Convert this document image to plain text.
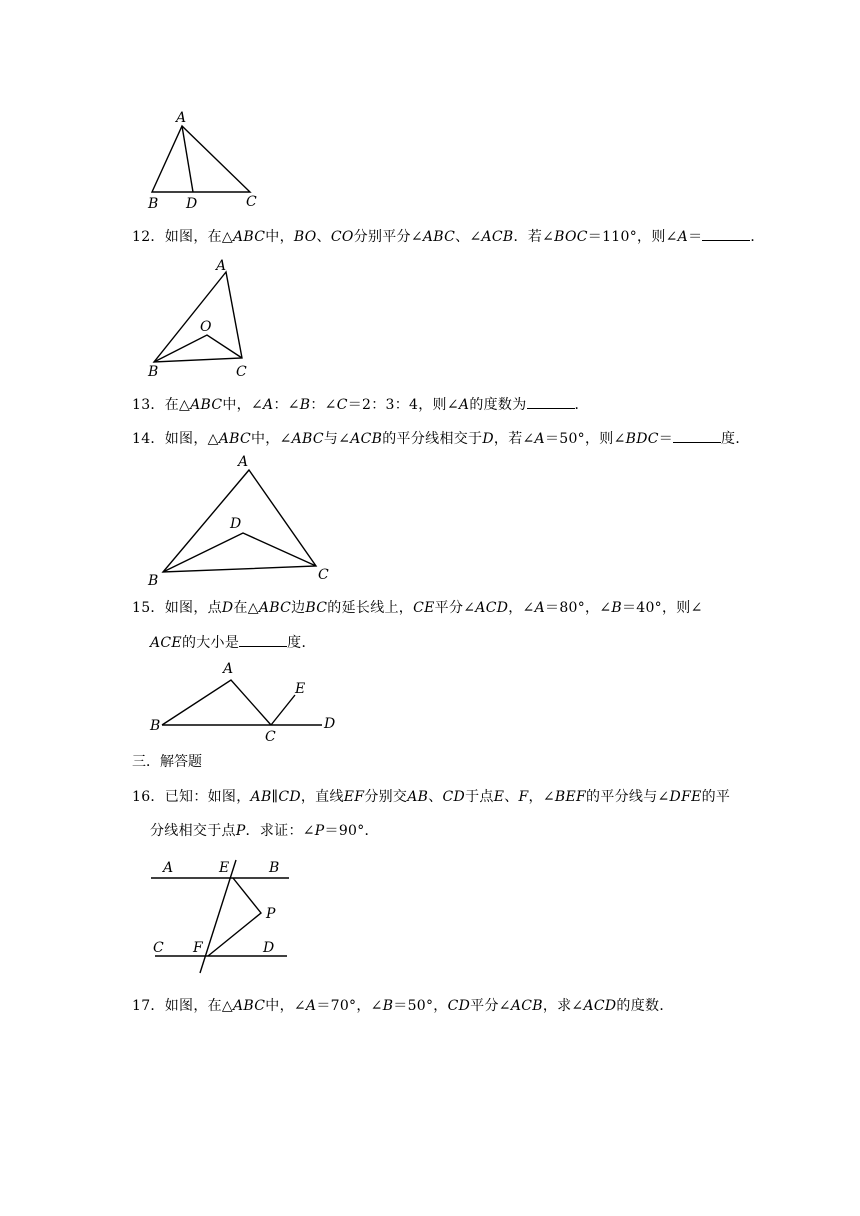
A
B D	C
12．如图，在△ABC中，BO、CO分别平分∠ABC、∠ACB．若∠BOC＝110°，则∠A＝	．
A
O
B	C
13．在△ABC中，∠A：∠B：∠C＝2：3：4，则∠A的度数为	．
14．如图，△ABC中，∠ABC与∠ACB的平分线相交于D，若∠A＝50°，则∠BDC＝	度．
A
D
B	C
15．如图，点D在△ABC边BC的延长线上，CE平分∠ACD，∠A＝80°，∠B＝40°，则∠
ACE的大小是	度．
A
E
B
C
D
三．解答题
16．已知：如图，AB∥CD，直线EF分别交AB、CD于点E、F，∠BEF的平分线与∠DFE的平
分线相交于点P．求证：∠P＝90°．
A	E	B
P
C F	D
17．如图，在△ABC中，∠A＝70°，∠B＝50°，CD平分∠ACB，求∠ACD的度数．
